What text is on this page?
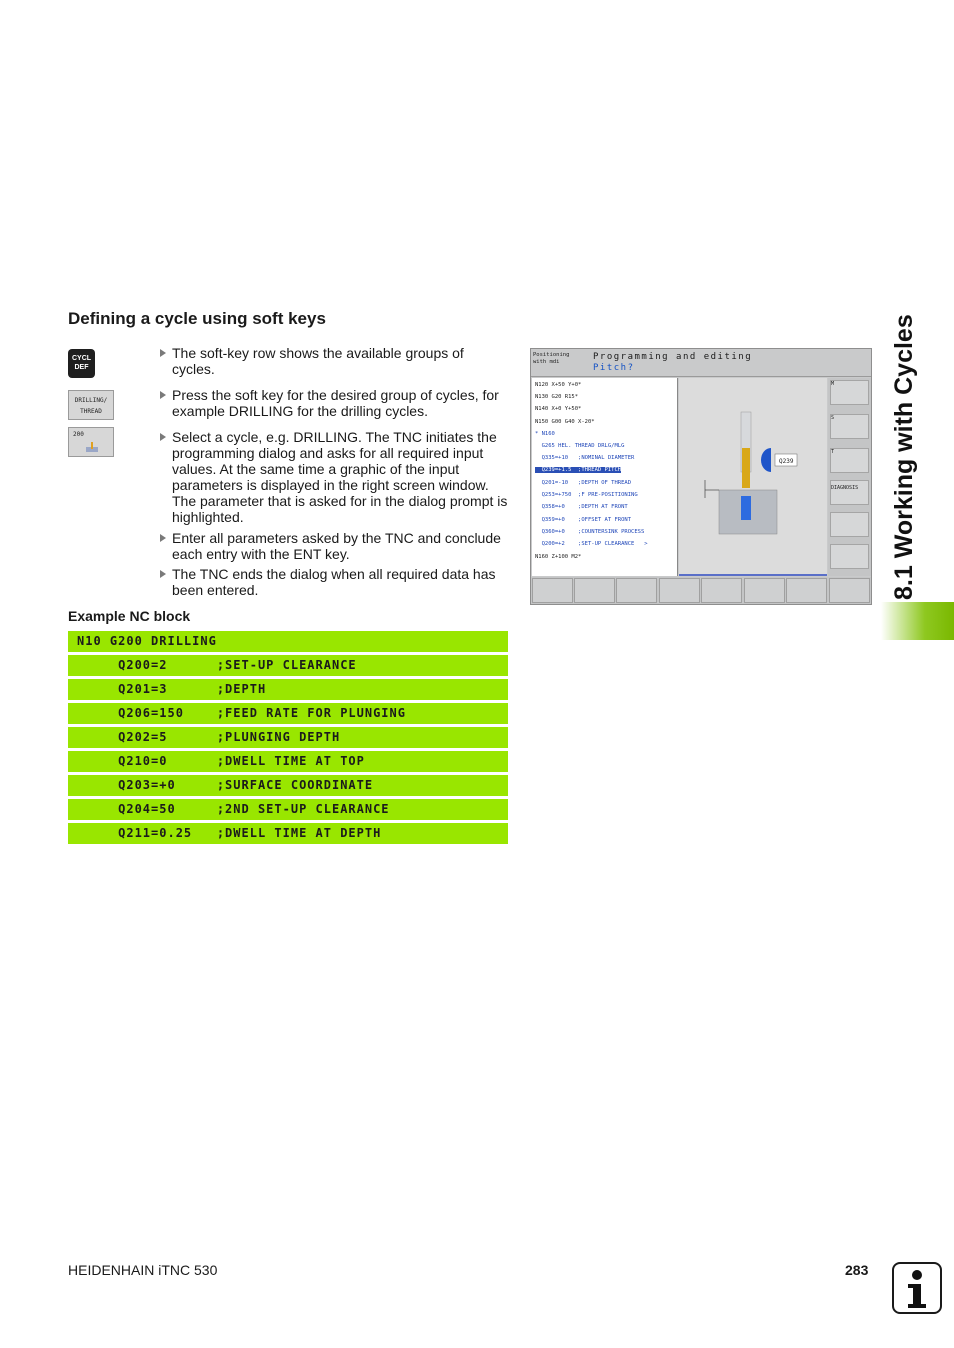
Defining a cycle using soft keys
CYCL
DEF
DRILLING/
THREAD
200
The soft-key row shows the available groups of cycles.
Press the soft key for the desired group of cycles, for example DRILLING for the drilling cycles.
Select a cycle, e.g. DRILLING. The TNC initiates the programming dialog and asks for all required input values. At the same time a graphic of the input parameters is displayed in the right screen window. The parameter that is asked for in the dialog prompt is highlighted.
Enter all parameters asked by the TNC and conclude each entry with the ENT key.
The TNC ends the dialog when all required data has been entered.
Example NC block
N10 G200 DRILLING
Q200=2      ;SET-UP CLEARANCE
Q201=3      ;DEPTH
Q206=150    ;FEED RATE FOR PLUNGING
Q202=5      ;PLUNGING DEPTH
Q210=0      ;DWELL TIME AT TOP
Q203=+0     ;SURFACE COORDINATE
Q204=50     ;2ND SET-UP CLEARANCE
Q211=0.25   ;DWELL TIME AT DEPTH
Positioning
with mdi	Programming and editing
Pitch?
N120 X+50 Y+0*
N130 G20 R15*
N140 X+0 Y+50*
N150 G00 G40 X-20*
* N160
G265 HEL. THREAD DRLG/MLG
Q335=+10   ;NOMINAL DIAMETER
Q239=+1.5  ;THREAD PITCH
Q201=-10   ;DEPTH OF THREAD
Q253=+750  ;F PRE-POSITIONING
Q358=+0    ;DEPTH AT FRONT
Q359=+0    ;OFFSET AT FRONT
Q360=+0    ;COUNTERSINK PROCESS
Q200=+2    ;SET-UP CLEARANCE   >
N160 Z+100 M2*
Q239
M
S
T
DIAGNOSIS	8.1 Working with Cycles
HEIDENHAIN iTNC 530	283
